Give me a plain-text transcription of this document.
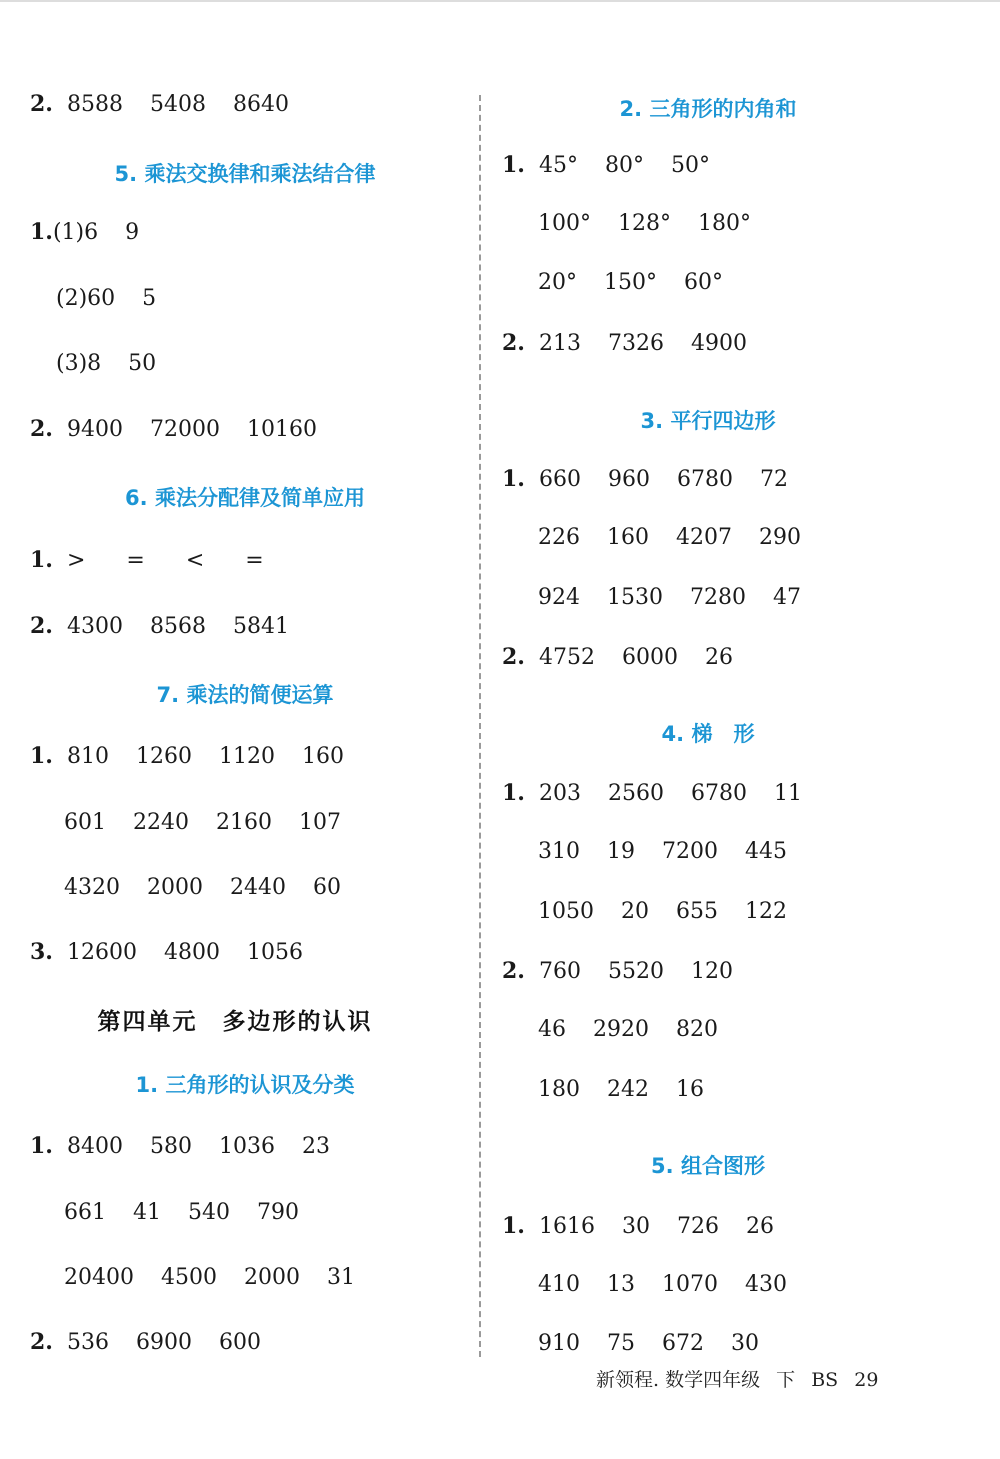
2. 8588 5408 8640
5. 乘法交换律和乘法结合律
1.(1)6 9
(2)60 5
(3)8 50
2. 9400 72000 10160
6. 乘法分配律及简单应用
1. > = < =
2. 4300 8568 5841
7. 乘法的简便运算
1. 810 1260 1120 160
601 2240 2160 107
4320 2000 2440 60
3. 12600 4800 1056
第四单元　多边形的认识
1. 三角形的认识及分类
1. 8400 580 1036 23
661 41 540 790
20400 4500 2000 31
2. 536 6900 600
2. 三角形的内角和
1. 45° 80° 50°
100° 128° 180°
20° 150° 60°
2. 213 7326 4900
3. 平行四边形
1. 660 960 6780 72
226 160 4207 290
924 1530 7280 47
2. 4752 6000 26
4. 梯　形
1. 203 2560 6780 11
310 19 7200 445
1050 20 655 122
2. 760 5520 120
46 2920 820
180 242 16
5. 组合图形
1. 1616 30 726 26
410 13 1070 430
910 75 672 30
新领程. 数学四年级 下 BS 29
